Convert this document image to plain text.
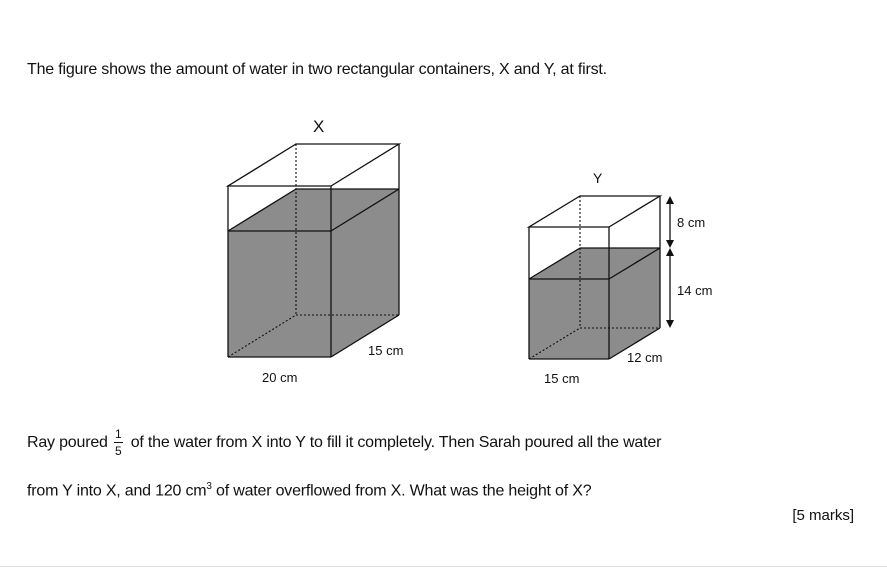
The figure shows the amount of water in two rectangular containers, X and Y, at first.
X
20 cm
15 cm
Y
8 cm
14 cm
12 cm
15 cm
Ray poured $\frac{1}{5}$ of the water from X into Y to fill it completely. Then Sarah poured all the water
from Y into X, and 120 $cm^3$ of water overflowed from X. What was the height of X?
[5 marks]
